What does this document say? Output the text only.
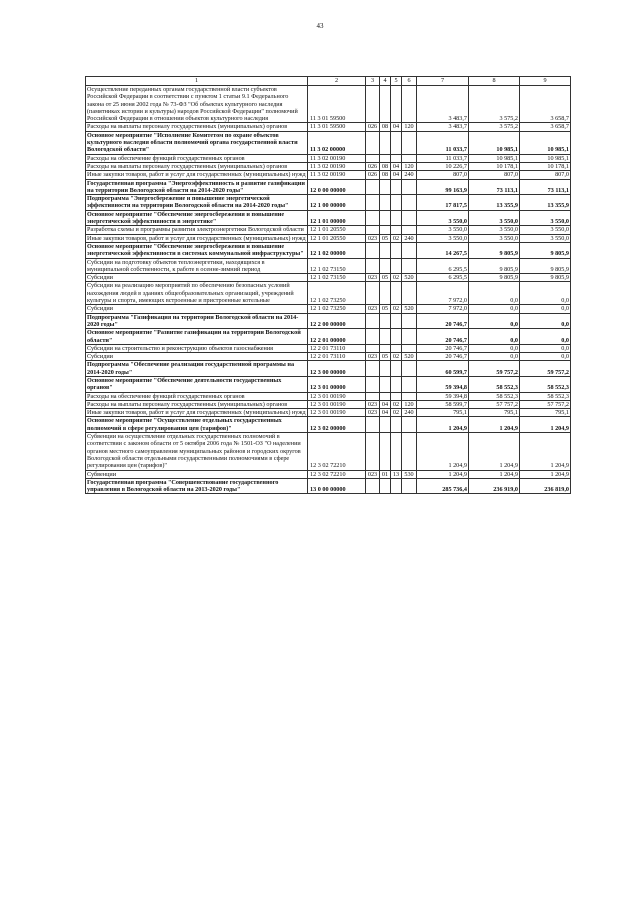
43
1	2	3	4	5	6	7	8	9
Осуществление переданных органам государственной власти субъектов Российской Федерации в соответствии с пунктом 1 статьи 9.1 Федерального закона от 25 июня 2002 года № 73-ФЗ "Об объектах культурного наследия (памятниках истории и культуры) народов Российской Федерации" полномочий Российской Федерации в отношении объектов культурного наследия	11 3 01 59500					3 483,7	3 575,2	3 658,7
Расходы на выплаты персоналу государственных (муниципальных) органов	11 3 01 59500	026	08	04	120	3 483,7	3 575,2	3 658,7
Основное мероприятие "Исполнение Комитетом по охране объектов культурного наследия области полномочий органа государственной власти Вологодской области"	11 3 02 00000					11 033,7	10 985,1	10 985,1
Расходы на обеспечение функций государственных органов	11 3 02 00190					11 033,7	10 985,1	10 985,1
Расходы на выплаты персоналу государственных (муниципальных) органов	11 3 02 00190	026	08	04	120	10 226,7	10 178,1	10 178,1
Иные закупки товаров, работ и услуг для государственных (муниципальных) нужд	11 3 02 00190	026	08	04	240	807,0	807,0	807,0
Государственная программа "Энергоэффективность и развитие газификации на территории Вологодской области на 2014-2020 годы"	12 0 00 00000					99 163,9	73 113,1	73 113,1
Подпрограмма "Энергосбережение и повышение энергетической эффективности на территории Вологодской области на 2014-2020 годы"	12 1 00 00000					17 817,5	13 355,9	13 355,9
Основное мероприятие "Обеспечение энергосбережения и повышение энергетической эффективности в энергетике"	12 1 01 00000					3 550,0	3 550,0	3 550,0
Разработка схемы и программы развития электроэнергетики Вологодской области	12 1 01 20550					3 550,0	3 550,0	3 550,0
Иные закупки товаров, работ и услуг для государственных (муниципальных) нужд	12 1 01 20550	023	05	02	240	3 550,0	3 550,0	3 550,0
Основное мероприятие "Обеспечение энергосбережения и повышение энергетической эффективности в системах коммунальной инфраструктуры"	12 1 02 00000					14 267,5	9 805,9	9 805,9
Субсидии на подготовку объектов теплоэнергетики, находящихся в муниципальной собственности, к работе в осенне-зимний период	12 1 02 73150					6 295,5	9 805,9	9 805,9
Субсидии	12 1 02 73150	023	05	02	520	6 295,5	9 805,9	9 805,9
Субсидии на реализацию мероприятий по обеспечению безопасных условий нахождения людей в зданиях общеобразовательных организаций, учреждений культуры и спорта, имеющих встроенные и пристроенные котельные	12 1 02 73250					7 972,0	0,0	0,0
Субсидии	12 1 02 73250	023	05	02	520	7 972,0	0,0	0,0
Подпрограмма "Газификация на территории Вологодской области на 2014-2020 годы"	12 2 00 00000					20 746,7	0,0	0,0
Основное мероприятие "Развитие газификации на территории Вологодской области"	12 2 01 00000					20 746,7	0,0	0,0
Субсидии на строительство и реконструкцию объектов газоснабжения	12 2 01 73110					20 746,7	0,0	0,0
Субсидии	12 2 01 73110	023	05	02	520	20 746,7	0,0	0,0
Подпрограмма "Обеспечение реализации государственной программы на 2014-2020 годы"	12 3 00 00000					60 599,7	59 757,2	59 757,2
Основное мероприятие "Обеспечение деятельности государственных органов"	12 3 01 00000					59 394,8	58 552,3	58 552,3
Расходы на обеспечение функций государственных органов	12 3 01 00190					59 394,8	58 552,3	58 552,3
Расходы на выплаты персоналу государственных (муниципальных) органов	12 3 01 00190	023	04	02	120	58 599,7	57 757,2	57 757,2
Иные закупки товаров, работ и услуг для государственных (муниципальных) нужд	12 3 01 00190	023	04	02	240	795,1	795,1	795,1
Основное мероприятие "Осуществление отдельных государственных полномочий в сфере регулирования цен (тарифов)"	12 3 02 00000					1 204,9	1 204,9	1 204,9
Субвенции на осуществление отдельных государственных полномочий в соответствии с законом области от 5 октября 2006 года № 1501-ОЗ "О наделении органов местного самоуправления муниципальных районов и городских округов Вологодской области отдельными государственными полномочиями в сфере регулирования цен (тарифов)"	12 3 02 72210					1 204,9	1 204,9	1 204,9
Субвенции	12 3 02 72210	023	01	13	530	1 204,9	1 204,9	1 204,9
Государственная программа "Совершенствование государственного управления в Вологодской области на 2013-2020 годы"	13 0 00 00000					285 736,4	236 919,0	236 819,0
